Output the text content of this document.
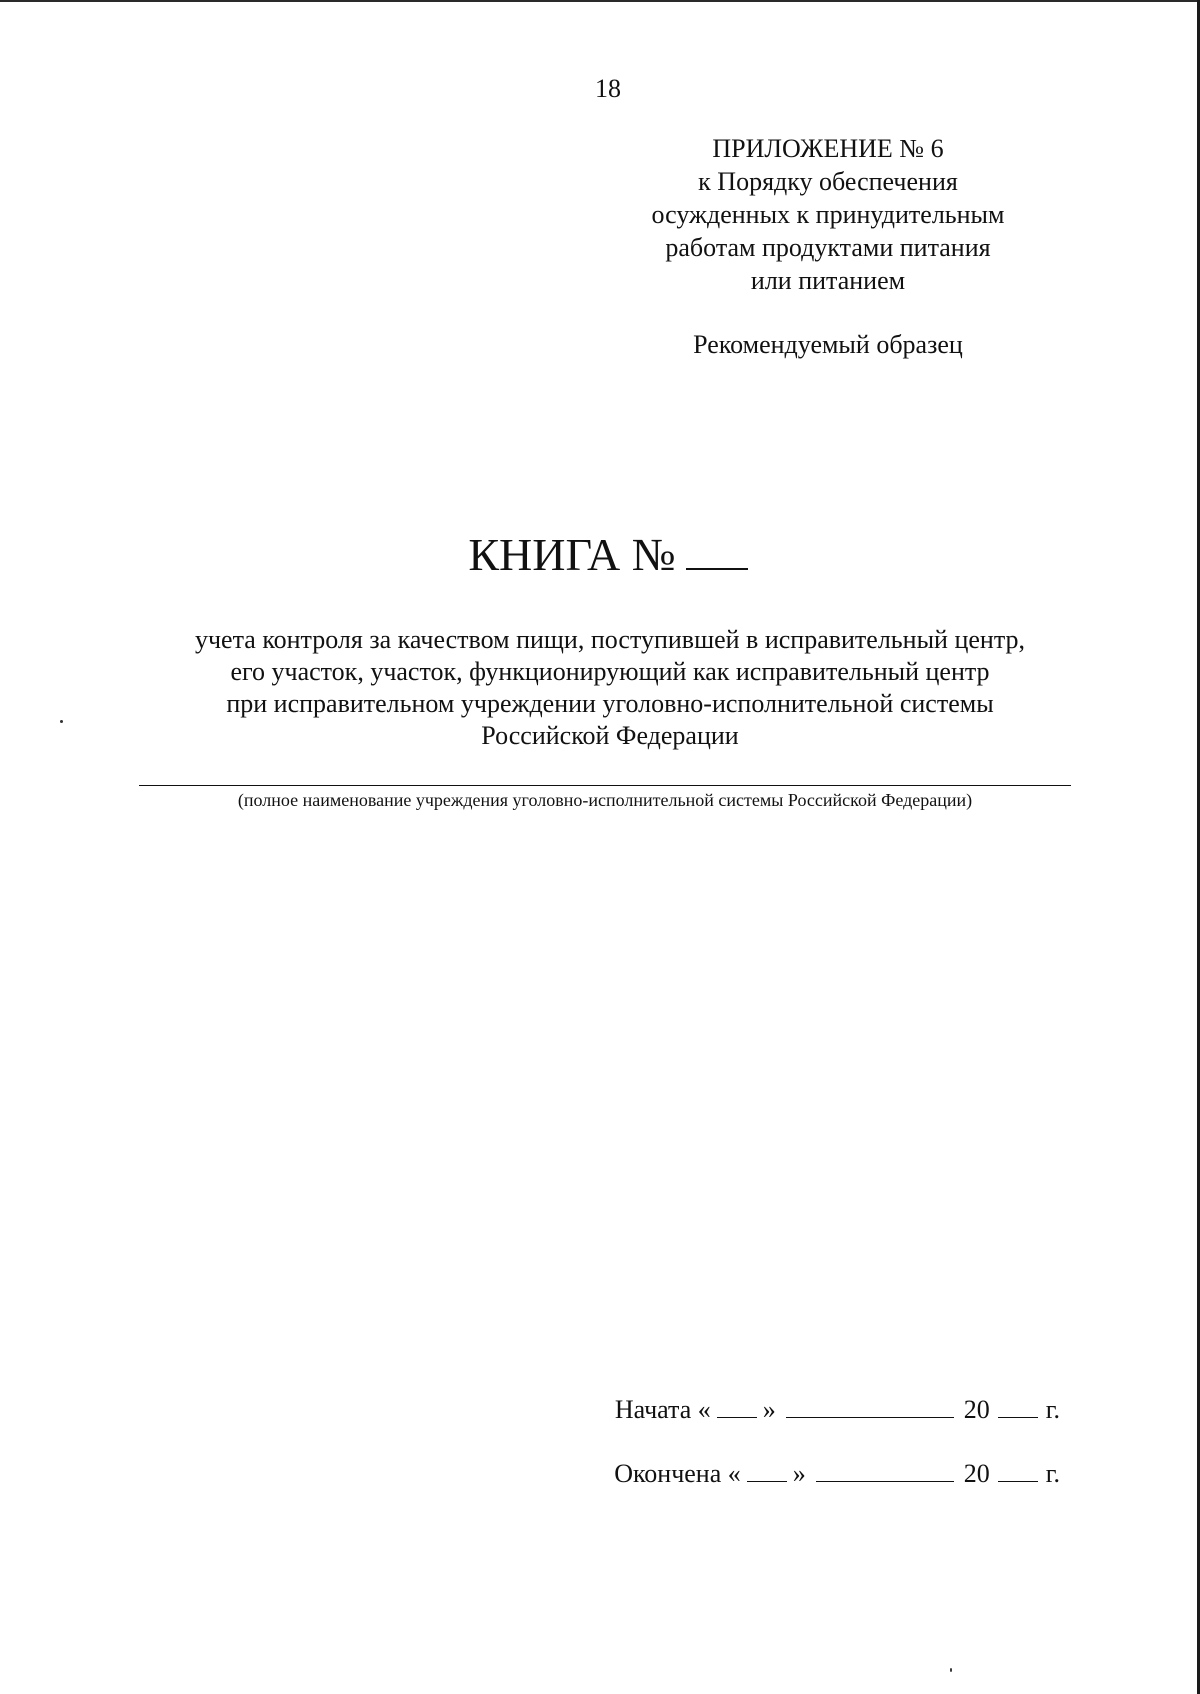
18
ПРИЛОЖЕНИЕ № 6
к Порядку обеспечения
осужденных к принудительным
работам продуктами питания
или питанием
Рекомендуемый образец
КНИГА №
учета контроля за качеством пищи, поступившей в исправительный центр,
его участок, участок, функционирующий как исправительный центр
при исправительном учреждении уголовно-исполнительной системы
Российской Федерации
(полное наименование учреждения уголовно-исполнительной системы Российской Федерации)
Начата « »	20 г.
Окончена « »	20 г.
